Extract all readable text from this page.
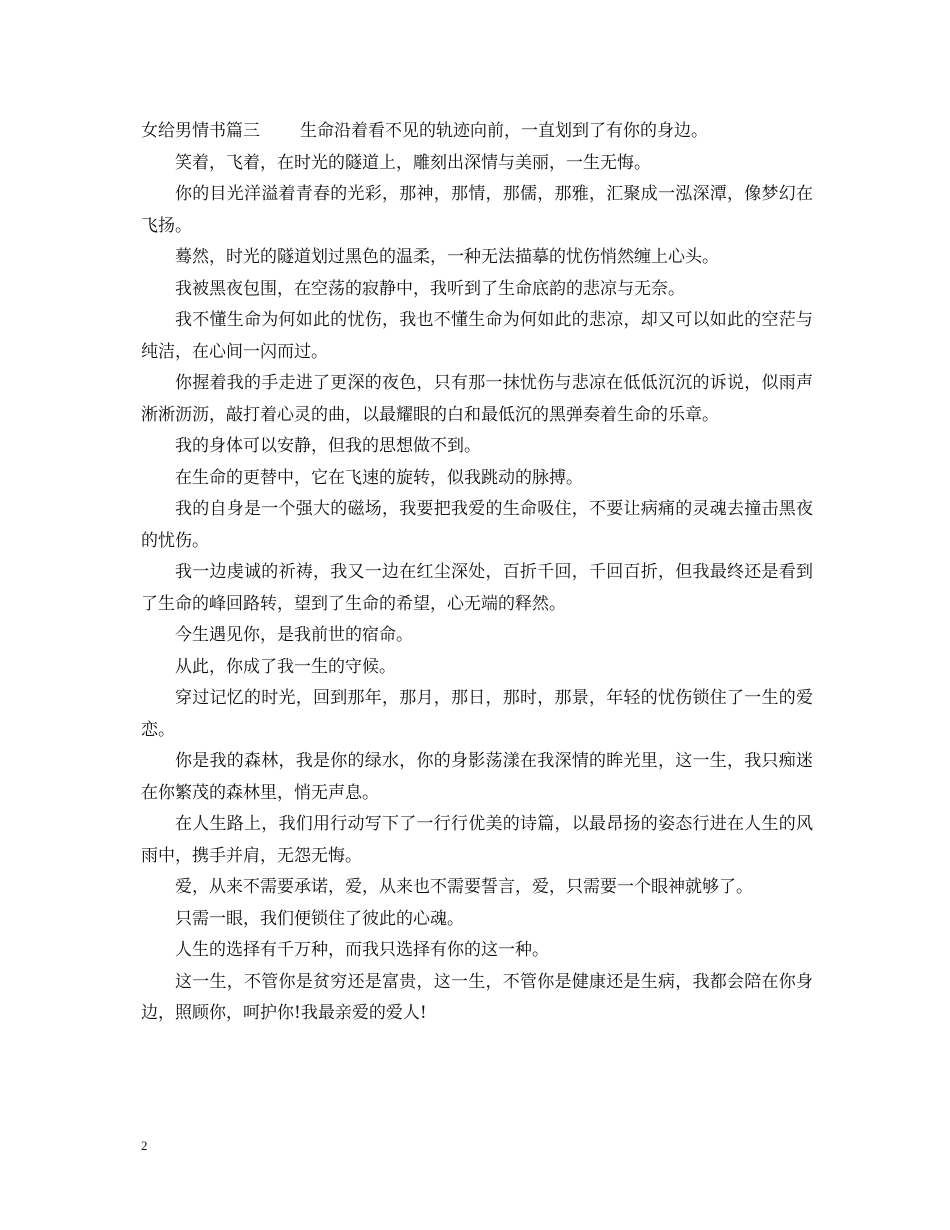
女给男情书篇三 生命沿着看不见的轨迹向前，一直划到了有你的身边。

笑着，飞着，在时光的隧道上，雕刻出深情与美丽，一生无悔。

你的目光洋溢着青春的光彩，那神，那情，那儒，那雅，汇聚成一泓深潭，像梦幻在飞扬。

蓦然，时光的隧道划过黑色的温柔，一种无法描摹的忧伤悄然缠上心头。

我被黑夜包围，在空荡的寂静中，我听到了生命底韵的悲凉与无奈。

我不懂生命为何如此的忧伤，我也不懂生命为何如此的悲凉，却又可以如此的空茫与纯洁，在心间一闪而过。

你握着我的手走进了更深的夜色，只有那一抹忧伤与悲凉在低低沉沉的诉说，似雨声淅淅沥沥，敲打着心灵的曲，以最耀眼的白和最低沉的黑弹奏着生命的乐章。

我的身体可以安静，但我的思想做不到。

在生命的更替中，它在飞速的旋转，似我跳动的脉搏。

我的自身是一个强大的磁场，我要把我爱的生命吸住，不要让病痛的灵魂去撞击黑夜的忧伤。

我一边虔诚的祈祷，我又一边在红尘深处，百折千回，千回百折，但我最终还是看到了生命的峰回路转，望到了生命的希望，心无端的释然。

今生遇见你，是我前世的宿命。

从此，你成了我一生的守候。

穿过记忆的时光，回到那年，那月，那日，那时，那景，年轻的忧伤锁住了一生的爱恋。

你是我的森林，我是你的绿水，你的身影荡漾在我深情的眸光里，这一生，我只痴迷在你繁茂的森林里，悄无声息。

在人生路上，我们用行动写下了一行行优美的诗篇，以最昂扬的姿态行进在人生的风雨中，携手并肩，无怨无悔。

爱，从来不需要承诺，爱，从来也不需要誓言，爱，只需要一个眼神就够了。

只需一眼，我们便锁住了彼此的心魂。

人生的选择有千万种，而我只选择有你的这一种。

这一生，不管你是贫穷还是富贵，这一生，不管你是健康还是生病，我都会陪在你身边，照顾你，呵护你!我最亲爱的爱人!

2
